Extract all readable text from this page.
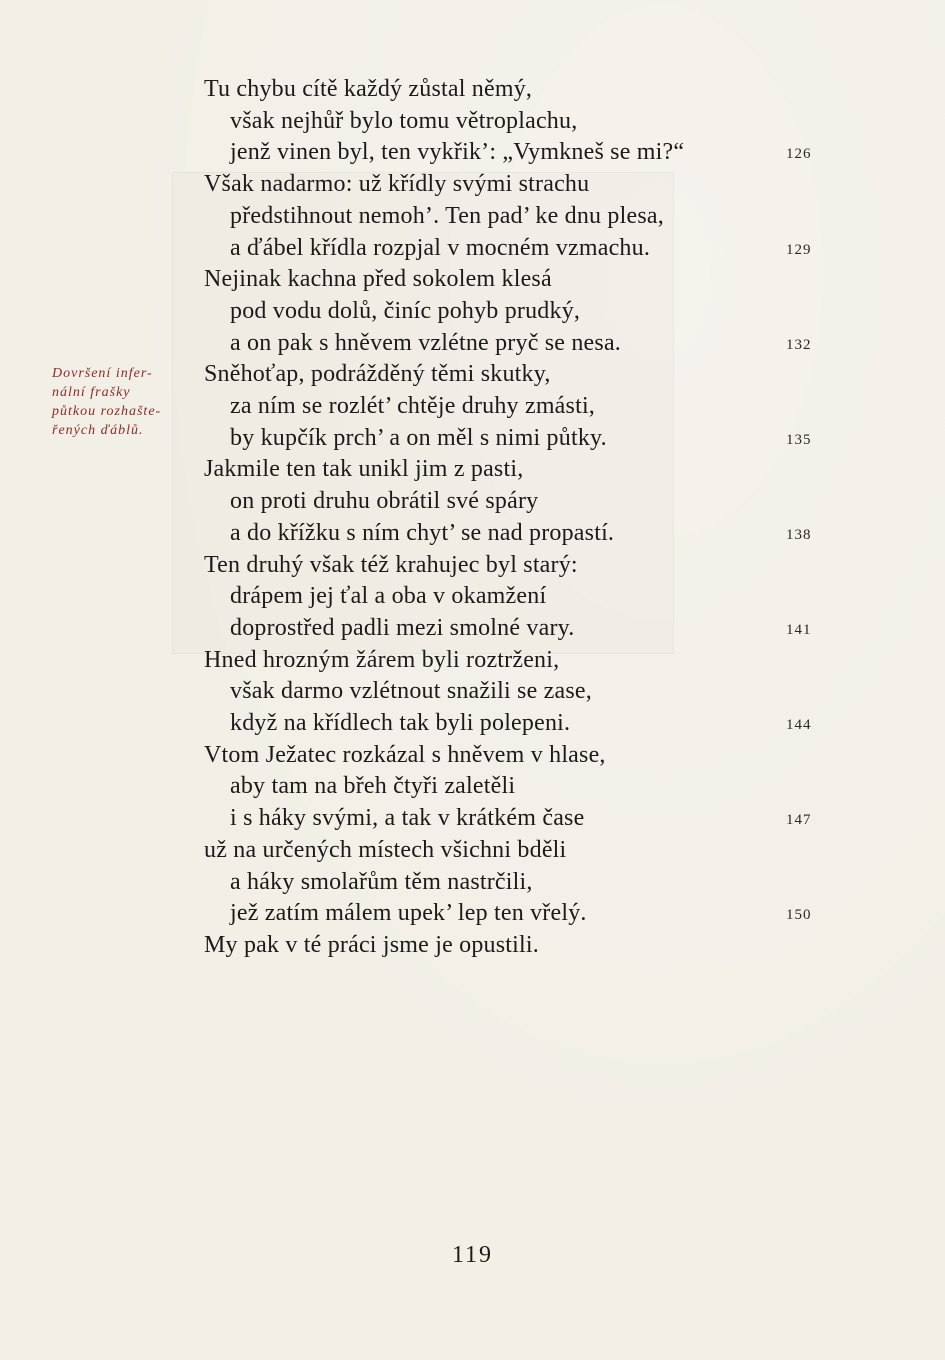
Dovršení infer-
nální frašky
půtkou rozhašte-
řených ďáblů.
Tu chybu cítě každý zůstal němý,
však nejhůř bylo tomu větroplachu,
jenž vinen byl, ten vykřik’: „Vymkneš se mi?“	126
Však nadarmo: už křídly svými strachu
předstihnout nemoh’. Ten pad’ ke dnu plesa,
a ďábel křídla rozpjal v mocném vzmachu.	129
Nejinak kachna před sokolem klesá
pod vodu dolů, činíc pohyb prudký,
a on pak s hněvem vzlétne pryč se nesa.	132
Sněhoťap, podrážděný těmi skutky,
za ním se rozlét’ chtěje druhy zmásti,
by kupčík prch’ a on měl s nimi půtky.	135
Jakmile ten tak unikl jim z pasti,
on proti druhu obrátil své spáry
a do křížku s ním chyt’ se nad propastí.	138
Ten druhý však též krahujec byl starý:
drápem jej ťal a oba v okamžení
doprostřed padli mezi smolné vary.	141
Hned hrozným žárem byli roztrženi,
však darmo vzlétnout snažili se zase,
když na křídlech tak byli polepeni.	144
Vtom Ježatec rozkázal s hněvem v hlase,
aby tam na břeh čtyři zaletěli
i s háky svými, a tak v krátkém čase	147
už na určených místech všichni bděli
a háky smolařům těm nastrčili,
jež zatím málem upek’ lep ten vřelý.	150
My pak v té práci jsme je opustili.
119
